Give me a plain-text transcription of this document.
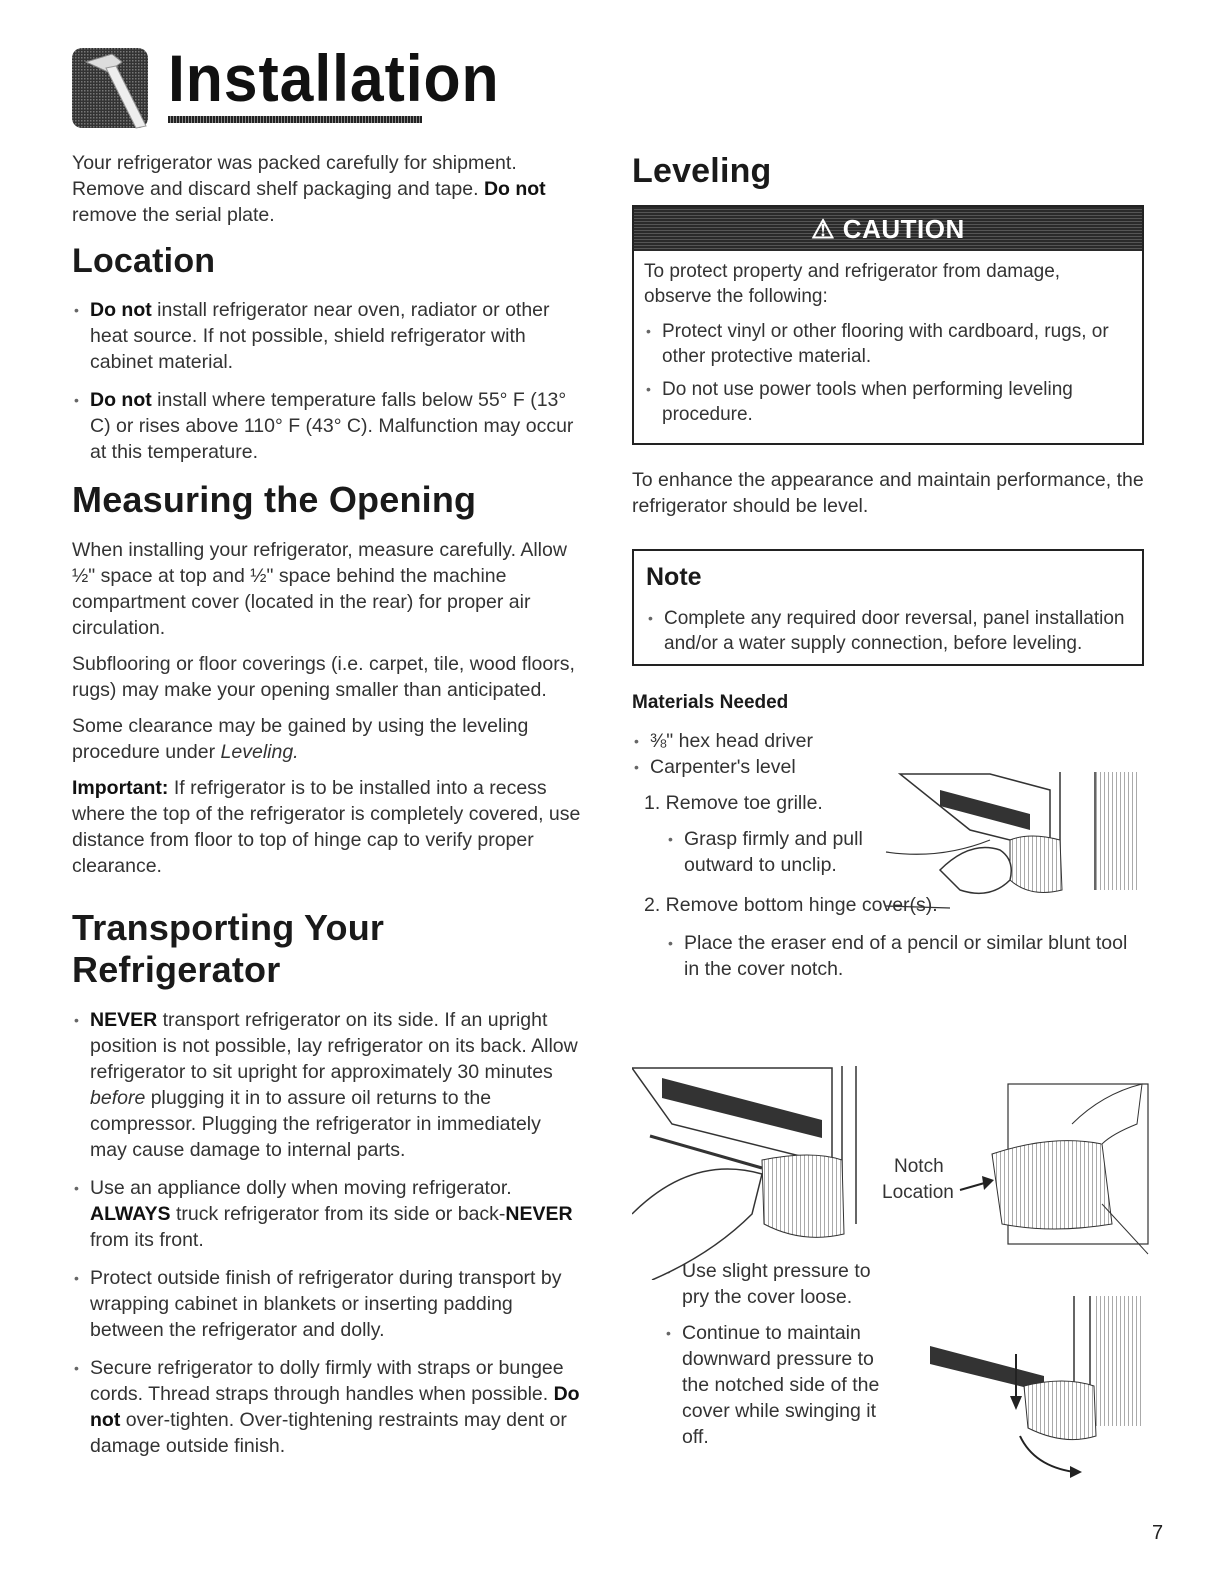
Installation

Your refrigerator was packed carefully for shipment. Remove and discard shelf packaging and tape. Do not remove the serial plate.

Location
• Do not install refrigerator near oven, radiator or other heat source. If not possible, shield refrigerator with cabinet material.
• Do not install where temperature falls below 55° F (13° C) or rises above 110° F (43° C). Malfunction may occur at this temperature.
Measuring the Opening

When installing your refrigerator, measure carefully. Allow ½" space at top and ½" space behind the machine compartment cover (located in the rear) for proper air circulation.

Subflooring or floor coverings (i.e. carpet, tile, wood floors, rugs) may make your opening smaller than anticipated.

Some clearance may be gained by using the leveling procedure under Leveling.

Important: If refrigerator is to be installed into a recess where the top of the refrigerator is completely covered, use distance from floor to top of hinge cap to verify proper clearance.

Transporting Your Refrigerator
• NEVER transport refrigerator on its side. If an upright position is not possible, lay refrigerator on its back. Allow refrigerator to sit upright for approximately 30 minutes before plugging it in to assure oil returns to the compressor. Plugging the refrigerator in immediately may cause damage to internal parts.
• Use an appliance dolly when moving refrigerator. ALWAYS truck refrigerator from its side or back-NEVER from its front.
• Protect outside finish of refrigerator during transport by wrapping cabinet in blankets or inserting padding between the refrigerator and dolly.
• Secure refrigerator to dolly firmly with straps or bungee cords. Thread straps through handles when possible. Do not over-tighten. Over-tightening restraints may dent or damage outside finish.
Leveling
⚠ CAUTION

To protect property and refrigerator from damage, observe the following:

• Protect vinyl or other flooring with cardboard, rugs, or other protective material.
• Do not use power tools when performing leveling procedure.

To enhance the appearance and maintain performance, the refrigerator should be level.

Note
• Complete any required door reversal, panel installation and/or a water supply connection, before leveling.
Materials Needed
• ⅜" hex head driver
• Carpenter's level
1. Remove toe grille.
• Grasp firmly and pull outward to unclip.
2. Remove bottom hinge cover(s).
• Place the eraser end of a pencil or similar blunt tool in the cover notch.
• Use slight pressure to pry the cover loose.
• Continue to maintain downward pressure to the notched side of the cover while swinging it off.
Notch
Location
7
